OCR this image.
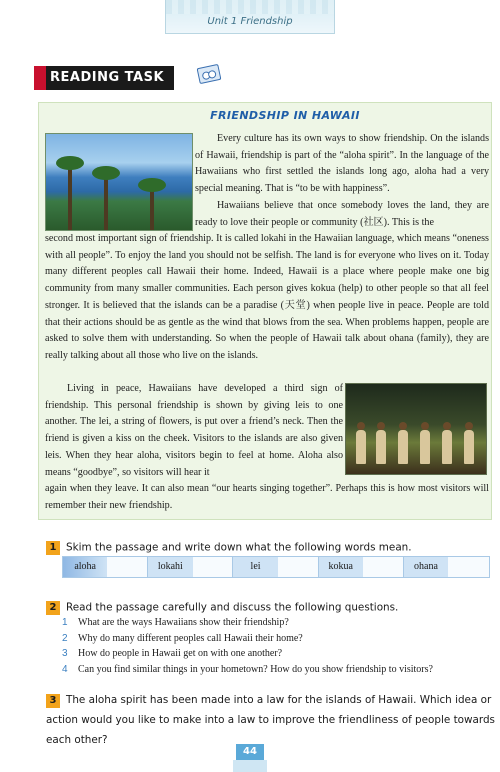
Unit 1 Friendship
READING TASK
FRIENDSHIP IN HAWAII

Every culture has its own ways to show friendship. On the islands of Hawaii, friendship is part of the “aloha spirit”. In the language of the Hawaiians who first settled the islands long ago, aloha had a very special meaning. That is “to be with happiness”.

Hawaiians believe that once somebody loves the land, they are ready to love their people or community (社区). This is the

second most important sign of friendship. It is called lokahi in the Hawaiian language, which means “oneness with all people”. To enjoy the land you should not be selfish. The land is for everyone who lives on it. Today many different peoples call Hawaii their home. Indeed, Hawaii is a place where people make one big community from many smaller communities. Each person gives kokua (help) to other people so that all feel stronger. It is believed that the islands can be a paradise (天堂) when people live in peace. People are told that their actions should be as gentle as the wind that blows from the sea. When problems happen, people are asked to solve them with understanding. So when the people of Hawaii talk about ohana (family), they are really talking about all those who live on the islands.

Living in peace, Hawaiians have developed a third sign of friendship. This personal friendship is shown by giving leis to one another. The lei, a string of flowers, is put over a friend’s neck. Then the friend is given a kiss on the cheek. Visitors to the islands are also given leis. When they hear aloha, visitors begin to feel at home. Aloha also means “goodbye”, so visitors will hear it

again when they leave. It can also mean “our hearts singing together”. Perhaps this is how most visitors will remember their new friendship.

1 Skim the passage and write down what the following words mean.
aloha	lokahi	lei	kokua	ohana
2 Read the passage carefully and discuss the following questions.
1 What are the ways Hawaiians show their friendship?
2 Why do many different peoples call Hawaii their home?
3 How do people in Hawaii get on with one another?
4 Can you find similar things in your hometown? How do you show friendship to visitors?
3 The aloha spirit has been made into a law for the islands of Hawaii. Which idea or action would you like to make into a law to improve the friendliness of people towards each other?
44
